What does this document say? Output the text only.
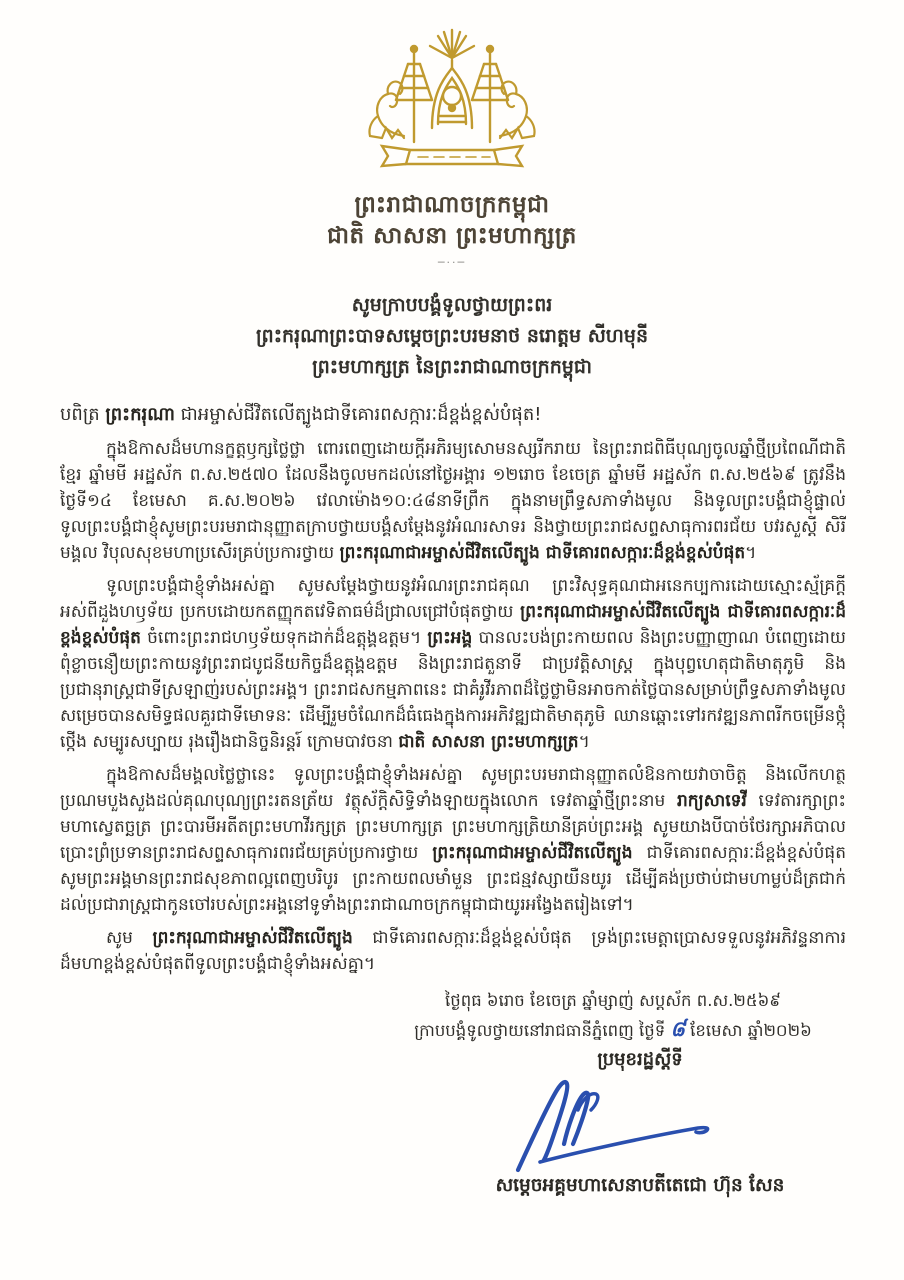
ព្រះរាជាណាចក្រកម្ពុជា
ជាតិ សាសនា ព្រះមហាក្សត្រ
─··─
សូមក្រាបបង្គំទូលថ្វាយព្រះពរ
ព្រះករុណាព្រះបាទសម្តេចព្រះបរមនាថ នរោត្តម សីហមុនី
ព្រះមហាក្សត្រ នៃព្រះរាជាណាចក្រកម្ពុជា
បពិត្រ ព្រះករុណា ជាអម្ចាស់ជីវិតលើត្បូងជាទីគោរពសក្ការៈដ៏ខ្ពង់ខ្ពស់បំផុត!

ក្នុងឱកាសដ៏មហានក្ខត្តឫក្សថ្លៃថ្លា ពោរពេញដោយក្តីអភិរម្យសោមនស្សរីករាយ នៃព្រះរាជពិធីបុណ្យចូលឆ្នាំថ្មីប្រពៃណីជាតិខ្មែរ ឆ្នាំមមី អដ្ឋស័ក ព.ស.២៥៧០ ដែលនឹងចូលមកដល់នៅថ្ងៃអង្គារ ១២រោច ខែចេត្រ ឆ្នាំមមី អដ្ឋស័ក ព.ស.២៥៦៩ ត្រូវនឹងថ្ងៃទី១៤ ខែមេសា គ.ស.២០២៦ វេលាម៉ោង១០:៤៨នាទីព្រឹក ក្នុងនាមព្រឹទ្ធសភាទាំងមូល និងទូលព្រះបង្គំជាខ្ញុំផ្ទាល់ ទូលព្រះបង្គំជាខ្ញុំសូមព្រះបរមរាជានុញ្ញាតក្រាបថ្វាយបង្គំសម្តែងនូវអំណរសាទរ និងថ្វាយព្រះរាជសព្ទសាធុការពរជ័យ បវរសួស្តី សិរីមង្គល វិបុលសុខមហាប្រសើរគ្រប់ប្រការថ្វាយ ព្រះករុណាជាអម្ចាស់ជីវិតលើត្បូង ជាទីគោរពសក្ការៈដ៏ខ្ពង់ខ្ពស់បំផុត។

ទូលព្រះបង្គំជាខ្ញុំទាំងអស់គ្នា សូមសម្តែងថ្វាយនូវអំណរព្រះរាជគុណ ព្រះវិសុទ្ធគុណជាអនេកប្បការដោយស្មោះស្ម័គ្រក្តីអស់ពីដួងហឫទ័យ ប្រកបដោយកតញ្ញុកតវេទិតាធម៌ដ៏ជ្រាលជ្រៅបំផុតថ្វាយ ព្រះករុណាជាអម្ចាស់ជីវិតលើត្បូង ជាទីគោរពសក្ការៈដ៏ខ្ពង់ខ្ពស់បំផុត ចំពោះព្រះរាជហឫទ័យទុកដាក់ដ៏ឧត្តុង្គឧត្តម។ ព្រះអង្គ បានលះបង់ព្រះកាយពល និងព្រះបញ្ញាញាណ បំពេញដោយពុំខ្លាចនឿយព្រះកាយនូវព្រះរាជបូជនីយកិច្ចដ៏ឧត្តុង្គឧត្តម និងព្រះរាជតួនាទី ជាប្រវត្តិសាស្ត្រ ក្នុងបុព្វហេតុជាតិមាតុភូមិ និងប្រជានុរាស្ត្រជាទីស្រឡាញ់របស់ព្រះអង្គ។ ព្រះរាជសកម្មភាពនេះ ជាគំរូវីរភាពដ៏ថ្លៃថ្លាមិនអាចកាត់ថ្លៃបានសម្រាប់ព្រឹទ្ធសភាទាំងមូល សម្រេចបានសមិទ្ធផលគួរជាទីមោទនៈ ដើម្បីរួមចំណែកដ៏ធំធេងក្នុងការអភិវឌ្ឍជាតិមាតុភូមិ ឈានឆ្ពោះទៅរកវឌ្ឍនភាពរីកចម្រើនថ្កុំថ្កើង សម្បូរសប្បាយ រុងរឿងជានិច្ចនិរន្តរ៍ ក្រោមបាវចនា ជាតិ សាសនា ព្រះមហាក្សត្រ។

ក្នុងឱកាសដ៏មង្គលថ្លៃថ្លានេះ ទូលព្រះបង្គំជាខ្ញុំទាំងអស់គ្នា សូមព្រះបរមរាជានុញ្ញាតលំឱនកាយវាចាចិត្ត និងលើកហត្ថប្រណមបួងសួងដល់គុណបុណ្យព្រះរតនត្រ័យ វត្ថុស័ក្តិសិទ្ធិទាំងឡាយក្នុងលោក ទេវតាឆ្នាំថ្មីព្រះនាម រាក្យសាទេវី ទេវតារក្សាព្រះមហាស្វេតច្ឆត្រ ព្រះបារមីអតីតព្រះមហាវីរក្សត្រ ព្រះមហាក្សត្រ ព្រះមហាក្សត្រិយានីគ្រប់ព្រះអង្គ សូមយាងបីបាច់ថែរក្សាអភិបាលប្រោះព្រំប្រទានព្រះរាជសព្ទសាធុការពរជ័យគ្រប់ប្រការថ្វាយ ព្រះករុណាជាអម្ចាស់ជីវិតលើត្បូង ជាទីគោរពសក្ការៈដ៏ខ្ពង់ខ្ពស់បំផុត សូមព្រះអង្គមានព្រះរាជសុខភាពល្អពេញបរិបូរ ព្រះកាយពលមាំមួន ព្រះជន្មវស្សាយឺនយូរ ដើម្បីគង់ប្រថាប់ជាមហាម្លប់ដ៏ត្រជាក់ដល់ប្រជារាស្ត្រជាកូនចៅរបស់ព្រះអង្គនៅទូទាំងព្រះរាជាណាចក្រកម្ពុជាជាយូរអង្វែងតរៀងទៅ។

សូម ព្រះករុណាជាអម្ចាស់ជីវិតលើត្បូង ជាទីគោរពសក្ការៈដ៏ខ្ពង់ខ្ពស់បំផុត ទ្រង់ព្រះមេត្តាប្រោសទទួលនូវអភិវន្ទនាការដ៏មហាខ្ពង់ខ្ពស់បំផុតពីទូលព្រះបង្គំជាខ្ញុំទាំងអស់គ្នា។

ថ្ងៃពុធ ៦រោច ខែចេត្រ ឆ្នាំម្សាញ់ សប្តស័ក ព.ស.២៥៦៩
ក្រាបបង្គំទូលថ្វាយនៅរាជធានីភ្នំពេញ ថ្ងៃទី ៨ ខែមេសា ឆ្នាំ២០២៦
ប្រមុខរដ្ឋស្តីទី
សម្តេចអគ្គមហាសេនាបតីតេជោ ហ៊ុន សែន
